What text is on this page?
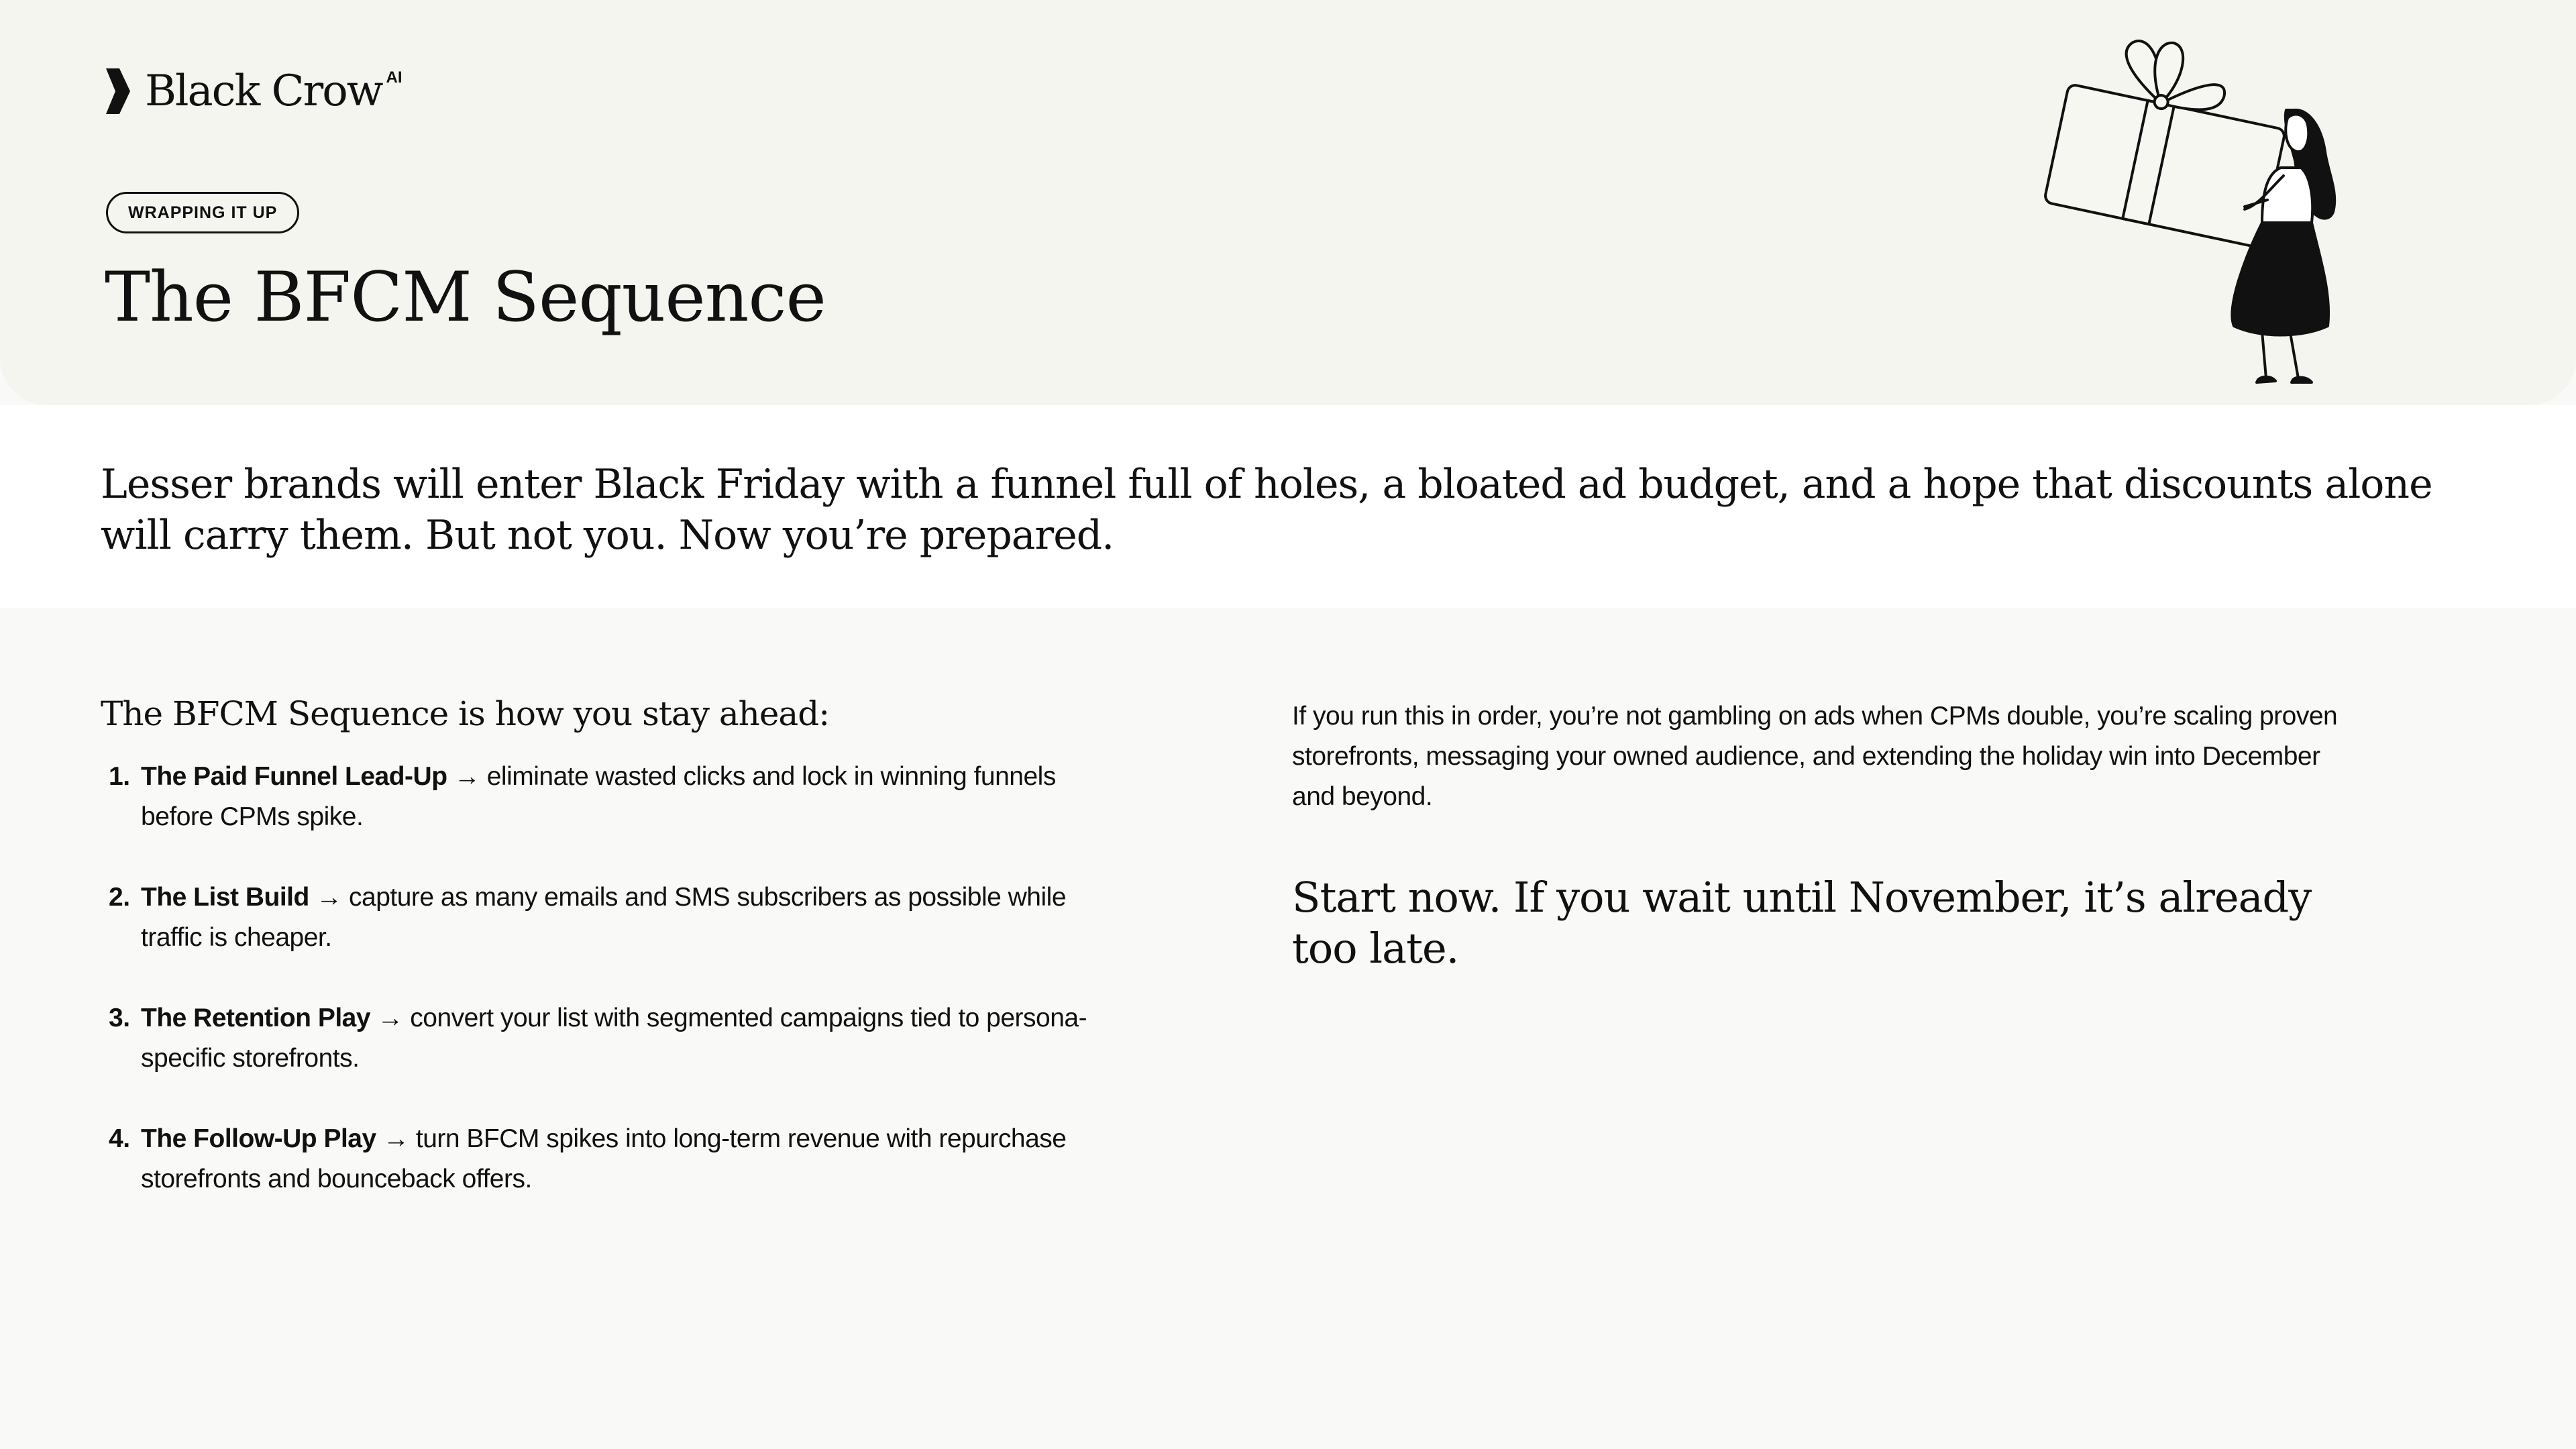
Black Crow AI
WRAPPING IT UP
The BFCM Sequence

Lesser brands will enter Black Friday with a funnel full of holes, a bloated ad budget, and a hope that discounts alone will carry them. But not you. Now you’re prepared.

The BFCM Sequence is how you stay ahead:
1. The Paid Funnel Lead-Up → eliminate wasted clicks and lock in winning funnels before CPMs spike.
2. The List Build → capture as many emails and SMS subscribers as possible while traffic is cheaper.
3. The Retention Play → convert your list with segmented campaigns tied to persona-specific storefronts.
4. The Follow-Up Play → turn BFCM spikes into long-term revenue with repurchase storefronts and bounceback offers.

If you run this in order, you’re not gambling on ads when CPMs double, you’re scaling proven storefronts, messaging your owned audience, and extending the holiday win into December and beyond.

Start now. If you wait until November, it’s already too late.
